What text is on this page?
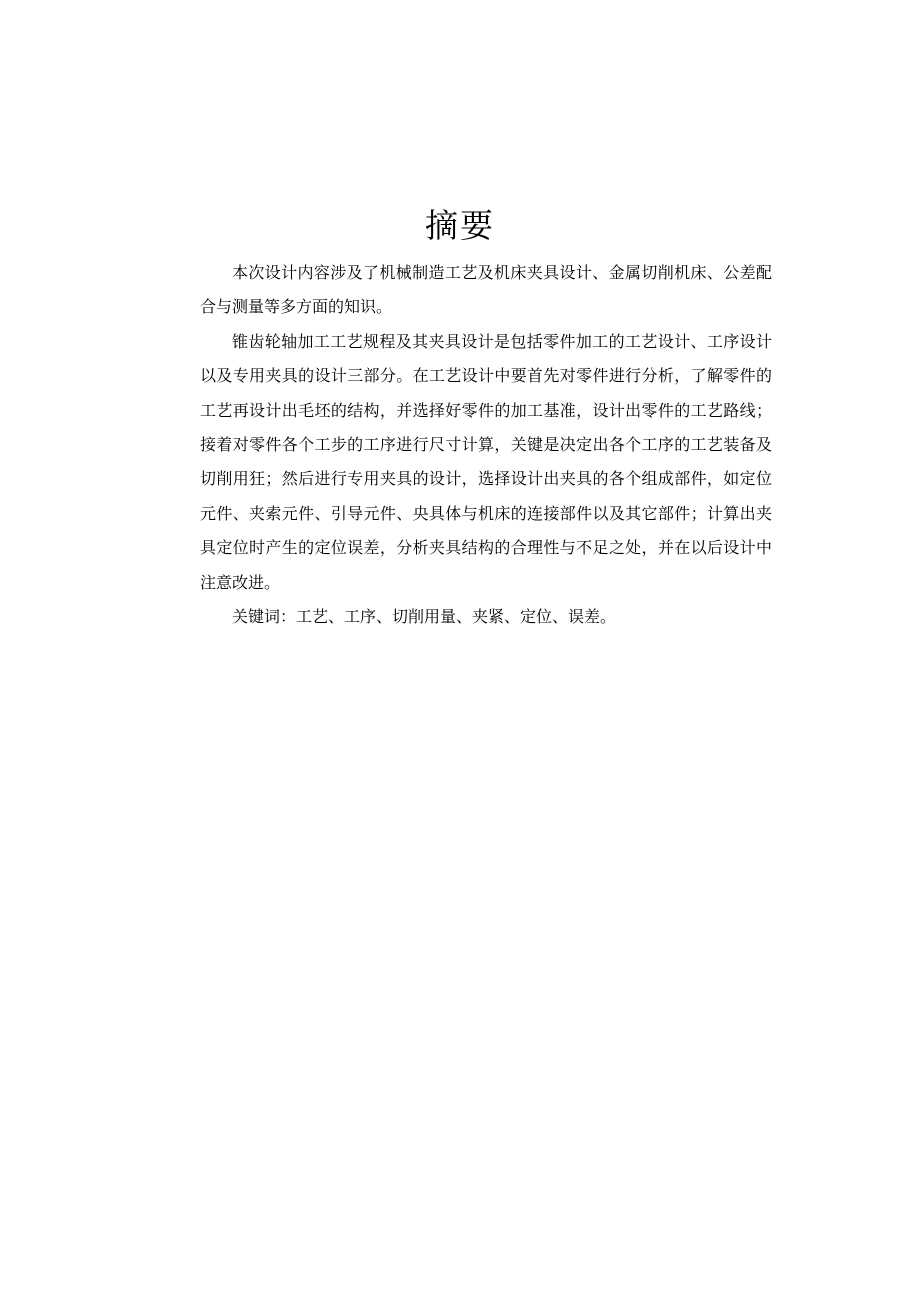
摘要

本次设计内容涉及了机械制造工艺及机床夹具设计、金属切削机床、公差配合与测量等多方面的知识。

锥齿轮轴加工工艺规程及其夹具设计是包括零件加工的工艺设计、工序设计以及专用夹具的设计三部分。在工艺设计中要首先对零件进行分析，了解零件的工艺再设计出毛坯的结构，并选择好零件的加工基准，设计出零件的工艺路线；接着对零件各个工步的工序进行尺寸计算，关键是决定出各个工序的工艺装备及切削用狂；然后进行专用夹具的设计，选择设计出夹具的各个组成部件，如定位元件、夹索元件、引导元件、央具体与机床的连接部件以及其它部件；计算出夹具定位时产生的定位误差，分析夹具结构的合理性与不足之处，并在以后设计中注意改进。

关键词：工艺、工序、切削用量、夹紧、定位、误差。
